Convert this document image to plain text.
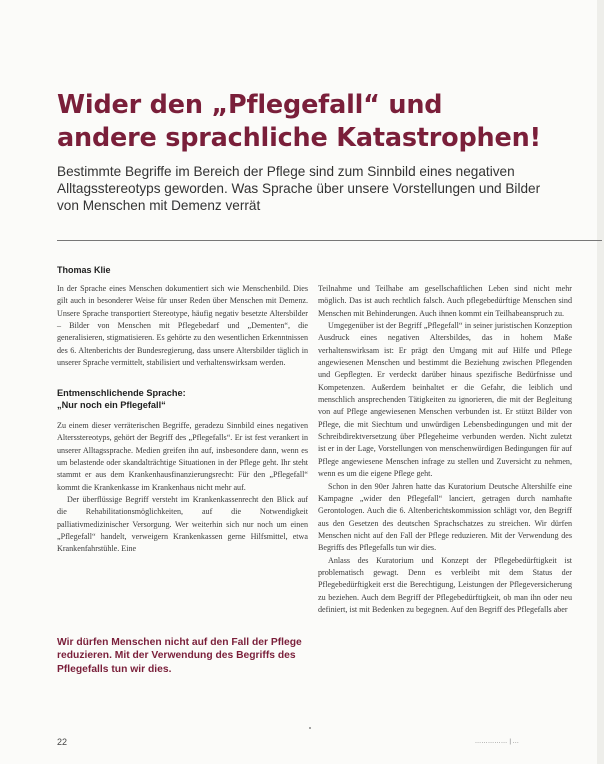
Wider den „Pflegefall“ und
andere sprachliche Katastrophen!
Bestimmte Begriffe im Bereich der Pflege sind zum Sinnbild eines negativen Alltagsstereotyps geworden. Was Sprache über unsere Vorstellungen und Bilder von Menschen mit Demenz verrät
Thomas Klie

In der Sprache eines Menschen dokumentiert sich wie Menschenbild. Dies gilt auch in besonderer Weise für unser Reden über Menschen mit Demenz. Unsere Sprache transportiert Stereotype, häufig negativ besetzte Altersbilder – Bilder von Menschen mit Pflegebedarf und „Dementen“, die generalisieren, stigmatisieren. Es gehörte zu den wesentlichen Erkenntnissen des 6. Altenberichts der Bundesregierung, dass unsere Altersbilder täglich in unserer Sprache vermittelt, stabilisiert und verhaltenswirksam werden.

Entmenschlichende Sprache:
„Nur noch ein Pflegefall“

Zu einem dieser verräterischen Begriffe, geradezu Sinnbild eines negativen Altersstereotyps, gehört der Begriff des „Pflegefalls“. Er ist fest verankert in unserer Alltagssprache. Medien greifen ihn auf, insbesondere dann, wenn es um belastende oder skandalträchtige Situationen in der Pflege geht. Ihr steht stammt er aus dem Krankenhausfinanzierungsrecht: Für den „Pflegefall“ kommt die Krankenkasse im Krankenhaus nicht mehr auf.

Der überflüssige Begriff versteht im Krankenkassenrecht den Blick auf die Rehabilitationsmöglichkeiten, auf die Notwendigkeit palliativmedizinischer Versorgung. Wer weiterhin sich nur noch um einen „Pflegefall“ handelt, verweigern Krankenkassen gerne Hilfsmittel, etwa Krankenfahrstühle. Eine

Wir dürfen Menschen nicht auf den Fall der Pflege reduzieren. Mit der Verwendung des Begriffs des Pflegefalls tun wir dies.

Teilnahme und Teilhabe am gesellschaftlichen Leben sind nicht mehr möglich. Das ist auch rechtlich falsch. Auch pflegebedürftige Menschen sind Menschen mit Behinderungen. Auch ihnen kommt ein Teilhabeanspruch zu.

Umgegenüber ist der Begriff „Pflegefall“ in seiner juristischen Konzeption Ausdruck eines negativen Altersbildes, das in hohem Maße verhaltenswirksam ist: Er prägt den Umgang mit auf Hilfe und Pflege angewiesenen Menschen und bestimmt die Beziehung zwischen Pflegenden und Gepflegten. Er verdeckt darüber hinaus spezifische Bedürfnisse und Kompetenzen. Außerdem beinhaltet er die Gefahr, die leiblich und menschlich ansprechenden Tätigkeiten zu ignorieren, die mit der Begleitung von auf Pflege angewiesenen Menschen verbunden ist. Er stützt Bilder von Pflege, die mit Siechtum und unwürdigen Lebensbedingungen und mit der Schreibdirektversetzung über Pflegeheime verbunden werden. Nicht zuletzt ist er in der Lage, Vorstellungen von menschenwürdigen Bedingungen für auf Pflege angewiesene Menschen infrage zu stellen und Zuversicht zu nehmen, wenn es um die eigene Pflege geht.

Schon in den 90er Jahren hatte das Kuratorium Deutsche Altershilfe eine Kampagne „wider den Pflegefall“ lanciert, getragen durch namhafte Gerontologen. Auch die 6. Altenberichtskommission schlägt vor, den Begriff aus den Gesetzen des deutschen Sprachschatzes zu streichen. Wir dürfen Menschen nicht auf den Fall der Pflege reduzieren. Mit der Verwendung des Begriffs des Pflegefalls tun wir dies.

Anlass des Kuratorium und Konzept der Pflegebedürftigkeit ist problematisch gewagt. Denn es verbleibt mit dem Status der Pflegebedürftigkeit erst die Berechtigung, Leistungen der Pflegeversicherung zu beziehen. Auch dem Begriff der Pflegebedürftigkeit, ob man ihn oder neu definiert, ist mit Bedenken zu begegnen. Auf den Begriff des Pflegefalls aber

22	…………… | …
